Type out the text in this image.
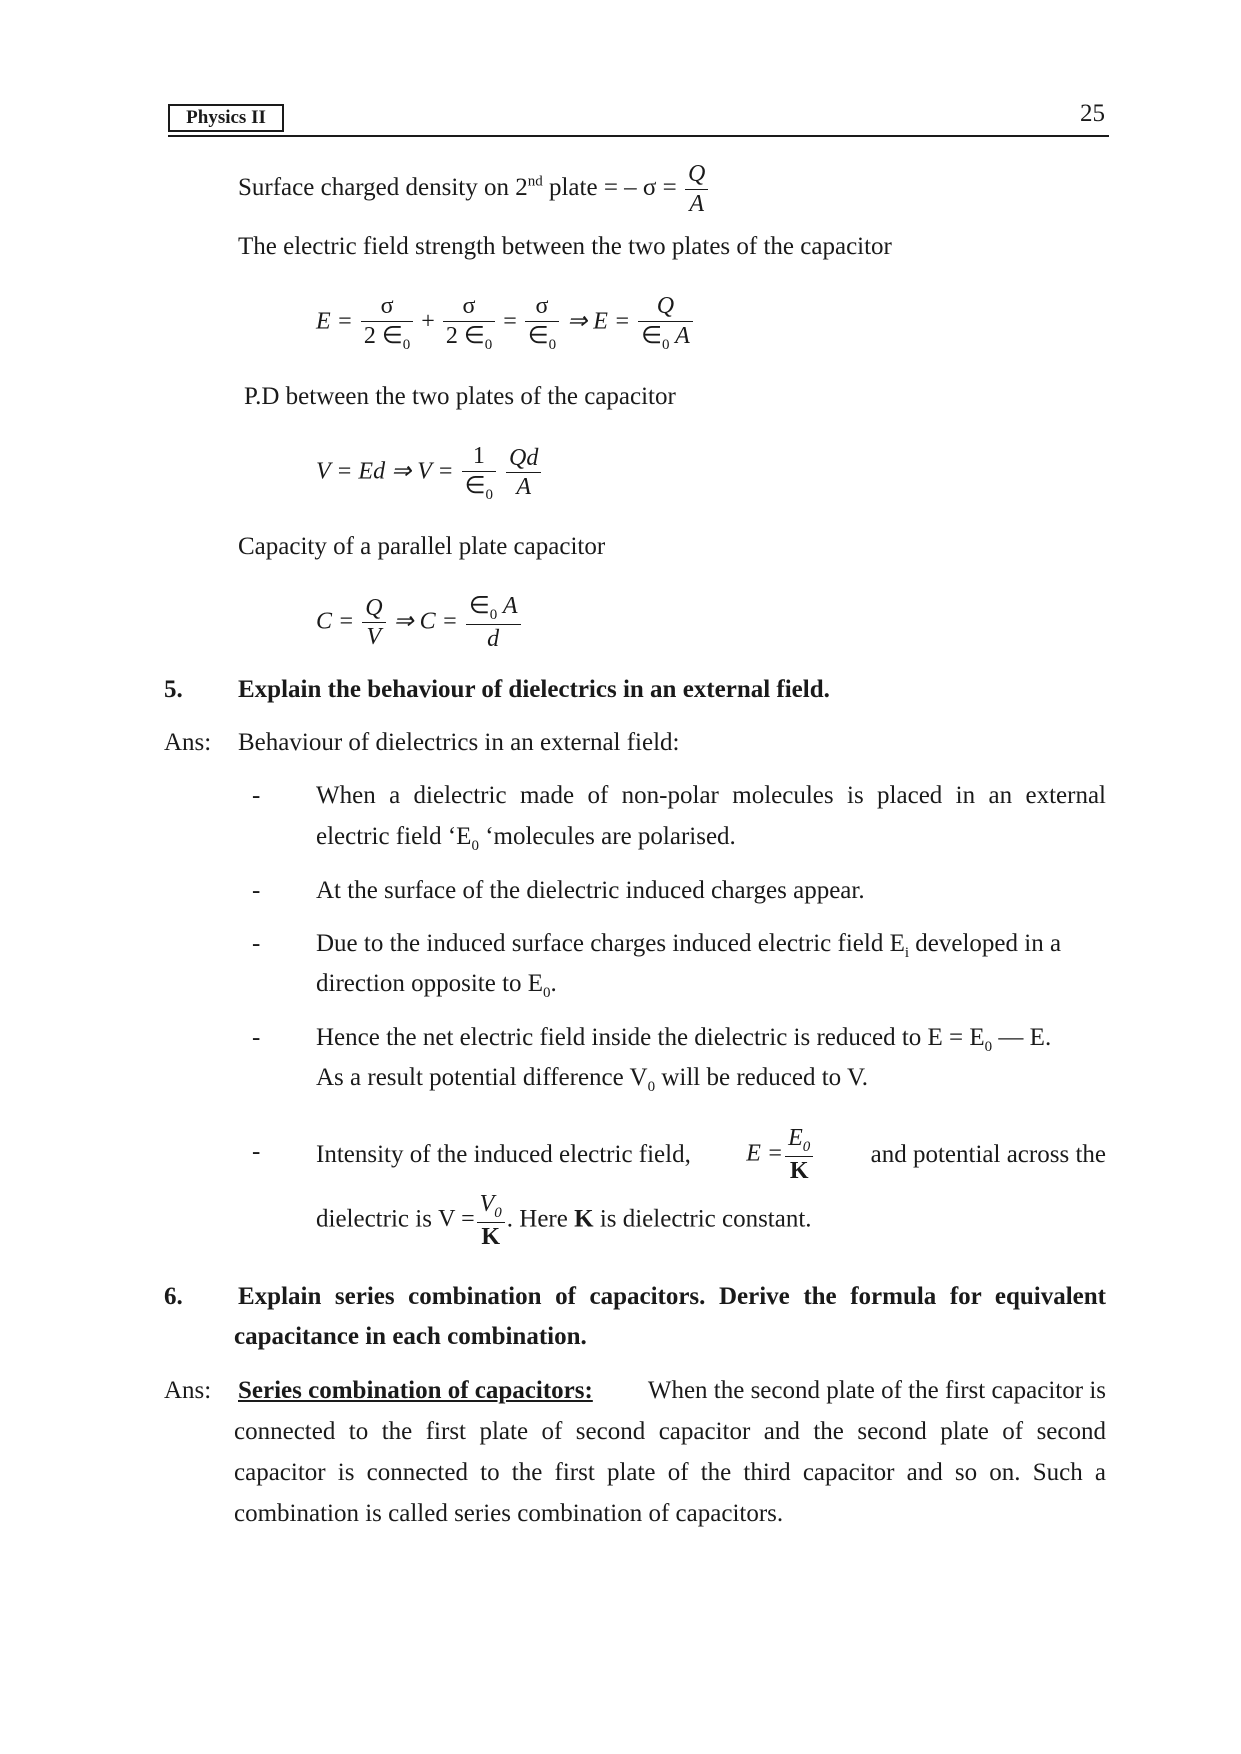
Physics II	25
Surface charged density on 2nd plate = – $\sigma = \frac{Q}{A}$
The electric field strength between the two plates of the capacitor
$E = \frac{\sigma}{2 \in_0} + \frac{\sigma}{2 \in_0} = \frac{\sigma}{\in_0}$ ⇒ $E = \frac{Q}{\in_0 A}$
P.D between the two plates of the capacitor
V = Ed ⇒ $V = \frac{1}{\in_0}$
$\frac{Qd}{A}$
Capacity of a parallel plate capacitor
$C = \frac{Q}{V}$ ⇒ $C = \frac{\in_0 A}{d}$
5. Explain the behaviour of dielectrics in an external field.
Ans: Behaviour of dielectrics in an external field:
- When a dielectric made of non-polar molecules is placed in an external
electric field ‘$E_0$ ‘molecules are polarised.
- At the surface of the dielectric induced charges appear.
- Due to the induced surface charges induced electric field $E_i$ developed in a
direction opposite to $E_0$.
- Hence the net electric field inside the dielectric is reduced to $E = E_0$ — E.
As a result potential difference $V_0$ will be reduced to V.
- Intensity of the induced electric field, $E = \frac{E_0}{K}$ and potential across the
dielectric is $V = \frac{V_0}{K}$ . Here K is dielectric constant.
6. Explain series combination of capacitors. Derive the formula for equivalent
capacitance in each combination.
Ans: Series combination of capacitors: When the second plate of the first capacitor is
connected to the first plate of second capacitor and the second plate of second
capacitor is connected to the first plate of the third capacitor and so on. Such a
combination is called series combination of capacitors.
